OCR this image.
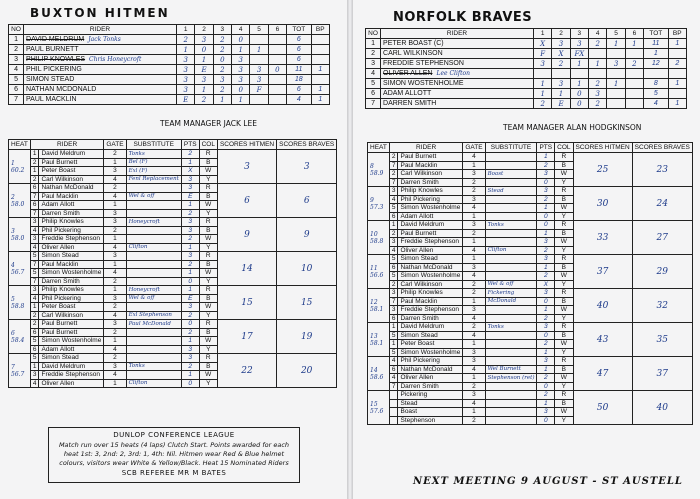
BUXTON HITMEN
NO	RIDER	1	2	3	4	5	6	TOT	BP
1	DAVID MELDRUM Jack Tonks	2	3	2	0			6	
2	PAUL BURNETT	1	0	2	1	1		6	
3	PHILIP KNOWLES Chris Honeycroft	3	1	0	3			6	
4	PHIL PICKERING	3	E	2	3	3	0	11	1
5	SIMON STEAD	3	3	3	3	3		18	
6	NATHAN MCDONALD	3	1	2	0	F		6	1
7	PAUL MACKLIN	E	2	1	1			4	1
TEAM MANAGER JACK LEE
HEAT	RIDER		GATE	SUBSTITUTE	PTS	COL	SCORES HITMEN	SCORES BRAVES

1
60.2	1	David Meldrum	2	Tonks	2	R	3	3
	2	Paul Burnett	1	Bel (F)	1	B		
	1	Peter Boast	3	Exl (F)	X	W		
	2	Carl Wilkinson	4	Fenl Replacement	3	Y		

2
58.0	6	Nathan McDonald	2		3	R	6	6
	7	Paul Macklin	4	Wel & off	E	B		
	6	Adam Allott	1		1	W		
	7	Darren Smith	3		2	Y		

3
58.0	3	Philip Knowles	3	Honeycroft	3	R	9	9
	4	Phil Pickering	2		3	B		
	3	Freddie Stephenson	1		2	W		
	4	Oliver Allen	4	Clifton	1	Y		

4
56.7	5	Simon Stead	3		3	R	14	10
	7	Paul Macklin	1		2	B		
	5	Simon Wostenholme	4		1	W		
	7	Darren Smith	2		0	Y		

5
58.8	3	Philip Knowles	1	Honeycroft	1	R	15	15
	4	Phil Pickering	3	Wel & off	E	B		
	1	Peter Boast	2		3	W		
	2	Carl Wilkinson	4	Exl Stephenson	2	Y		

6
58.4	2	Paul Burnett	3	Paul McDonald	0	R	17	19
	6	Paul Burnett	2		2	B		
	5	Simon Wostenholme	1		1	W		
	6	Adam Allott	4		3	Y		

7
56.7	5	Simon Stead	2		3	R	22	20
	1	David Meldrum	3	Tonks	2	B		
	3	Freddie Stephenson	4		1	W		
	4	Oliver Allen	1	Clifton	0	Y		
DUNLOP CONFERENCE LEAGUE
Match run over 15 heats (4 laps) Clutch Start. Points awarded for each heat 1st: 3, 2nd: 2, 3rd: 1, 4th: Nil. Hitmen wear Red & Blue helmet colours, visitors wear White & Yellow/Black. Heat 15 Nominated Riders
SCB REFEREE MR M BATES
NORFOLK BRAVES
NO	RIDER	1	2	3	4	5	6	TOT	BP
1	PETER BOAST (C)	X	3	3	2	1	1	11	1
2	CARL WILKINSON	F	X	FX				1	
3	FREDDIE STEPHENSON	3	2	1	1	3	2	12	2
4	OLIVER ALLEN Lee Clifton								
5	SIMON WOSTENHOLME	1	3	1	2	1		8	1
6	ADAM ALLOTT	1	1	0	3			5	
7	DARREN SMITH	2	E	0	2			4	1
TEAM MANAGER ALAN HODGKINSON
HEAT	RIDER		GATE	SUBSTITUTE	PTS	COL	SCORES HITMEN	SCORES BRAVES

8
58.9	2	Paul Burnett	4		1	R	25	23
	7	Paul Macklin	1		2	B		
	2	Carl Wilkinson	3	Boast	3	W		
	7	Darren Smith	2		0	Y		

9
57.3	3	Philip Knowles	2	Stead	3	R	30	24
	4	Phil Pickering	3		2	B		
	5	Simon Wostenholme	4		1	W		
	6	Adam Allott	1		0	Y		

10
58.8	1	David Meldrum	3	Tonks	0	R	33	27
	2	Paul Burnett	2		1	B		
	3	Freddie Stephenson	1		3	W		
	4	Oliver Allen	4	Clifton	2	Y		

11
56.6	5	Simon Stead	1		3	R	37	29
	6	Nathan McDonald	3		1	B		
	5	Simon Wostenholme	4		2	W		
	2	Carl Wilkinson	2	Wel & off	X	Y		

12
58.1	3	Philip Knowles	2	Fickering	3	R	40	32
	7	Paul Macklin	1	McDonald	0	B		
	3	Freddie Stephenson	3		1	W		
	6	Darren Smith	4		2	Y		

13
58.1	1	David Meldrum	2	Tonks	3	R	43	35
	5	Simon Stead	4		0	B		
	1	Peter Boast	1		2	W		
	5	Simon Wostenholme	3		1	Y		

14
58.6	4	Phil Pickering	3		3	R	47	37
	6	Nathan McDonald	4	Wel Burnett	1	B		
	4	Oliver Allen	1	Stephenson (ret)	2	W		
	7	Darren Smith	2		0	Y		

15
57.6		Pickering	3		2	R	50	40
		Stead	4		1	B		
		Boast	1		3	W		
		Stephenson	2		0	Y		
NEXT MEETING 9 AUGUST - ST AUSTELL
